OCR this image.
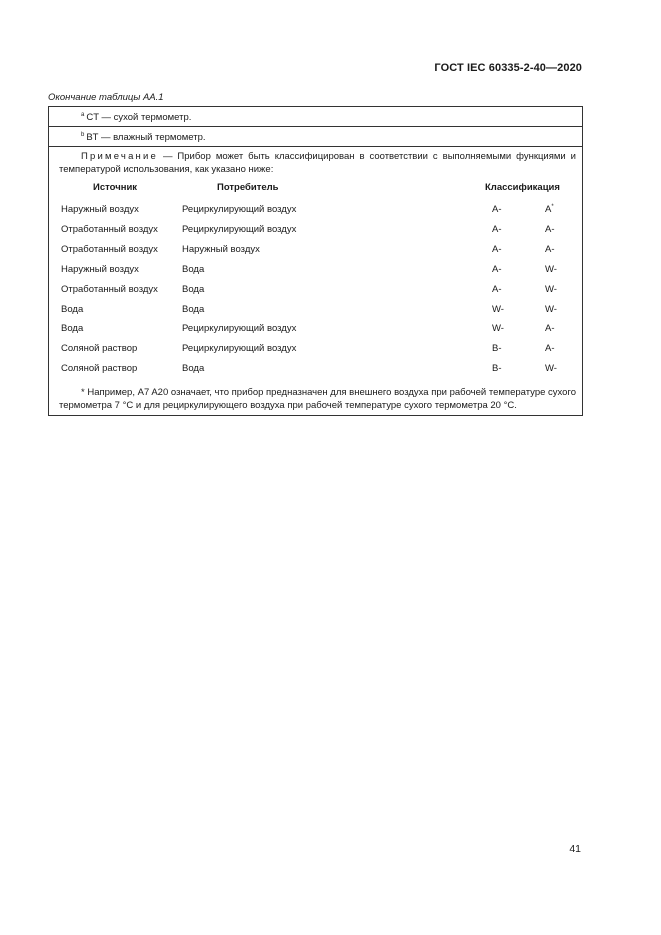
ГОСТ IEC 60335-2-40—2020
Окончание таблицы AA.1
$^a$ CT — сухой термометр.
$^b$ BT — влажный термометр.
Примечание — Прибор может быть классифицирован в соответствии с выполняемыми функциями и температурой использования, как указано ниже:
Источник	Потребитель	Классификация
Наружный воздух	Рециркулирующий воздух	A-	A*
Отработанный воздух	Рециркулирующий воздух	A-	A-
Отработанный воздух	Наружный воздух	A-	A-
Наружный воздух	Вода	A-	W-
Отработанный воздух	Вода	A-	W-
Вода	Вода	W-	W-
Вода	Рециркулирующий воздух	W-	A-
Соляной раствор	Рециркулирующий воздух	B-	A-
Соляной раствор	Вода	B-	W-
* Например, A7 A20 означает, что прибор предназначен для внешнего воздуха при рабочей температуре сухого термометра 7 °C и для рециркулирующего воздуха при рабочей температуре сухого термометра 20 °C.
41
